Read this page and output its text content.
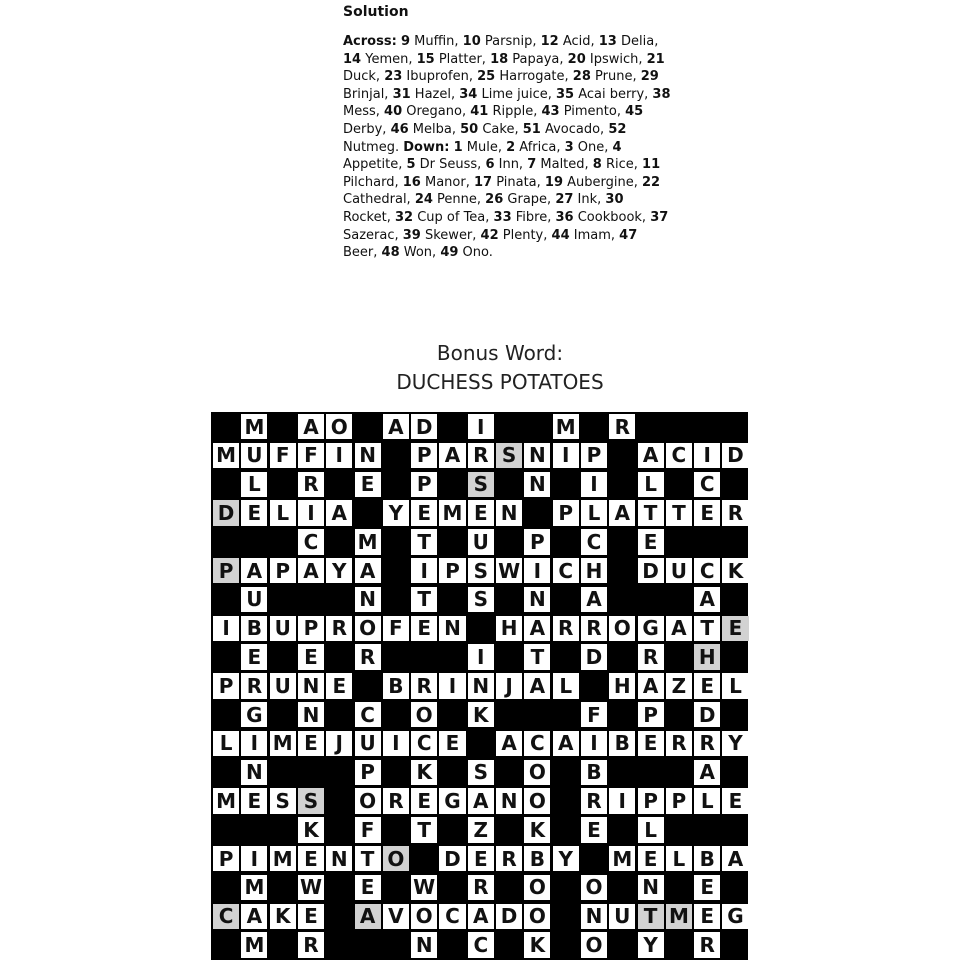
Solution
Across: 9 Muffin, 10 Parsnip, 12 Acid, 13 Delia, 14 Yemen, 15 Platter, 18 Papaya, 20 Ipswich, 21 Duck, 23 Ibuprofen, 25 Harrogate, 28 Prune, 29 Brinjal, 31 Hazel, 34 Lime juice, 35 Acai berry, 38 Mess, 40 Oregano, 41 Ripple, 43 Pimento, 45 Derby, 46 Melba, 50 Cake, 51 Avocado, 52 Nutmeg. Down: 1 Mule, 2 Africa, 3 One, 4 Appetite, 5 Dr Seuss, 6 Inn, 7 Malted, 8 Rice, 11 Pilchard, 16 Manor, 17 Pinata, 19 Aubergine, 22 Cathedral, 24 Penne, 26 Grape, 27 Ink, 30 Rocket, 32 Cup of Tea, 33 Fibre, 36 Cookbook, 37 Sazerac, 39 Skewer, 42 Plenty, 44 Imam, 47 Beer, 48 Won, 49 Ono.
Bonus Word:
DUCHESS POTATOES
M A O A D	I	M R
M U F F I N P A R S N I P A C I D
L	R	E	P S N	I	L	C
D E L I A Y E M E N P L A T T E R
C M	T	U P C	E
P A P A Y A	I P S W I C H D U C K
U	N	T	S N A	A
I B U P R O F E N H A R R O G A T E
E	E	R	I	T	D R H
P R U N E	B R I N J A L	H A Z E L
G N C O K	F	P D
L I M E J U I C E	A C A I B E R R Y
N	P K S O B	A
M E S S O R E G A N O R I P P L E
K	F	T	Z K	E	L
P I M E N T O D E R B Y M E L B A
M W	E	W R O O N	E
C A K E	A V O C A D O N U T M E G
M R	N C K O Y R
